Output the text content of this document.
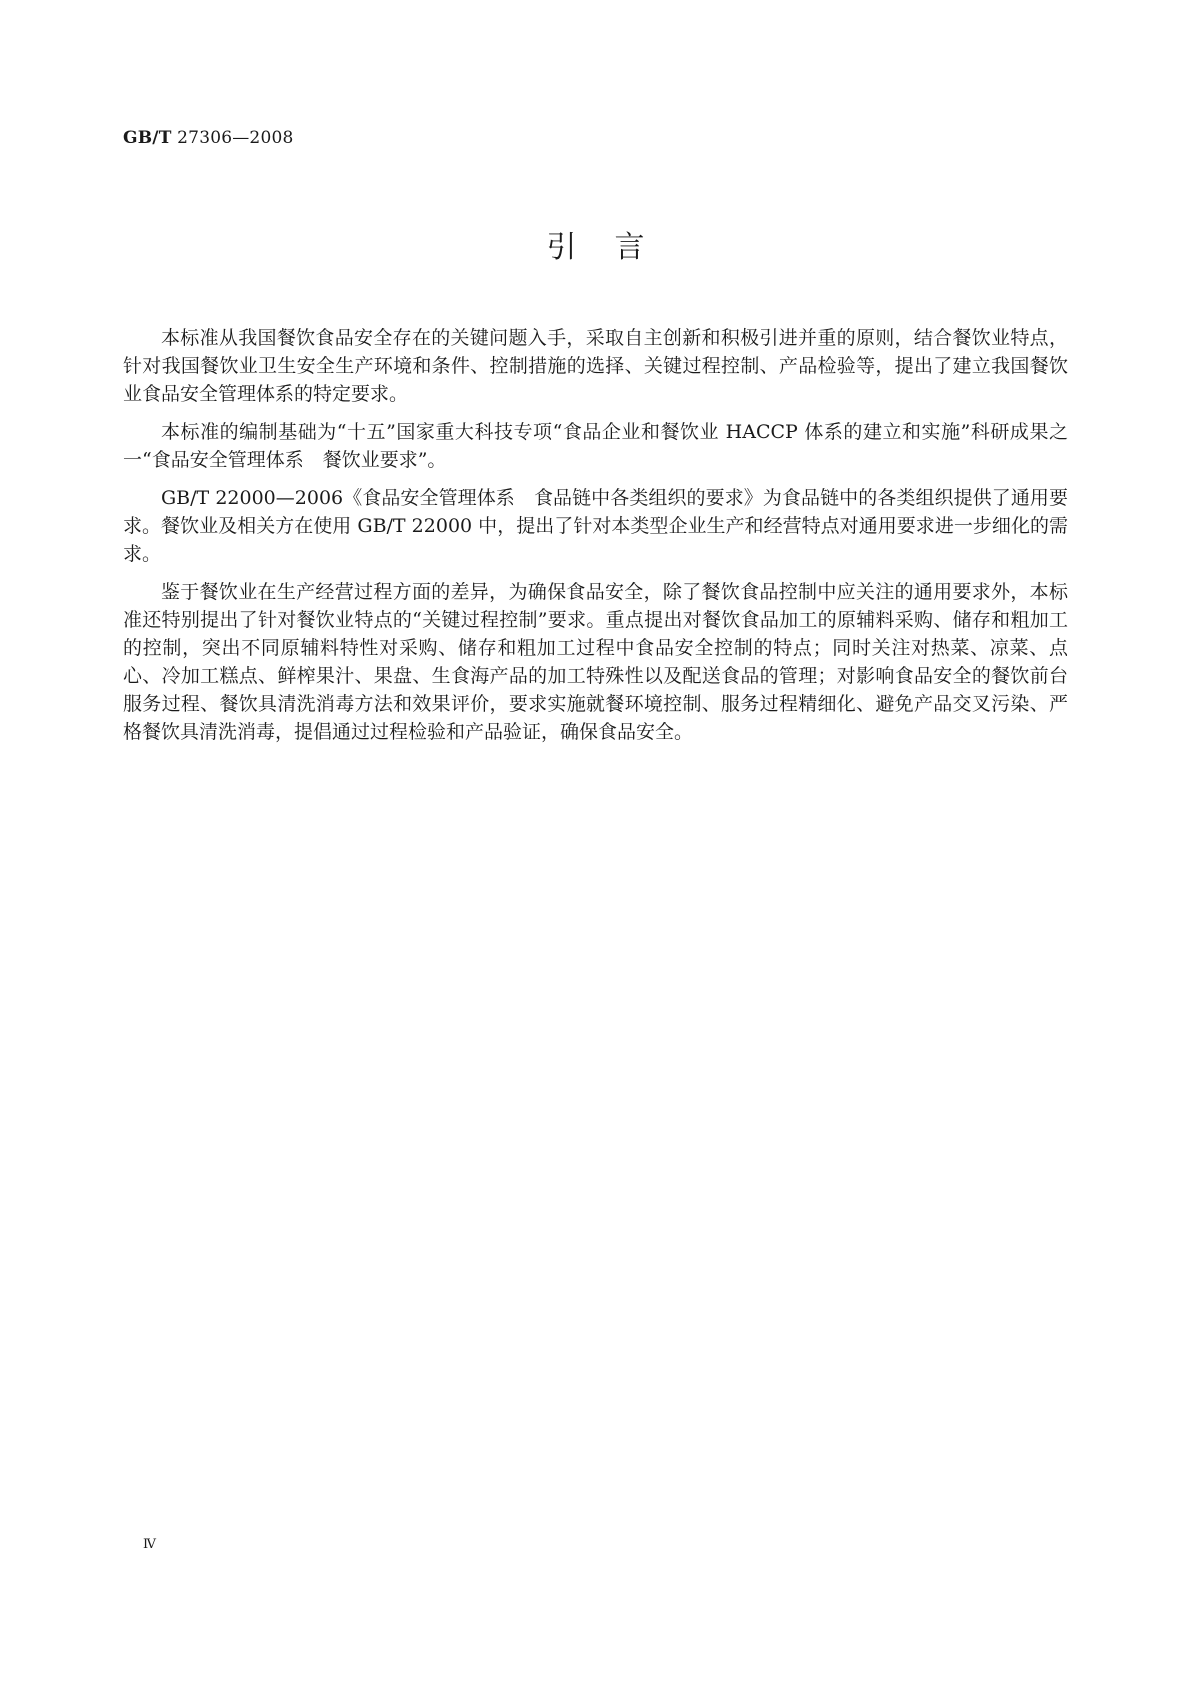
GB/T 27306—2008
引言

本标准从我国餐饮食品安全存在的关键问题入手，采取自主创新和积极引进并重的原则，结合餐饮业特点，针对我国餐饮业卫生安全生产环境和条件、控制措施的选择、关键过程控制、产品检验等，提出了建立我国餐饮业食品安全管理体系的特定要求。

本标准的编制基础为“十五”国家重大科技专项“食品企业和餐饮业 HACCP 体系的建立和实施”科研成果之一“食品安全管理体系　餐饮业要求”。

GB/T 22000—2006《食品安全管理体系　食品链中各类组织的要求》为食品链中的各类组织提供了通用要求。餐饮业及相关方在使用 GB/T 22000 中，提出了针对本类型企业生产和经营特点对通用要求进一步细化的需求。

鉴于餐饮业在生产经营过程方面的差异，为确保食品安全，除了餐饮食品控制中应关注的通用要求外，本标准还特别提出了针对餐饮业特点的“关键过程控制”要求。重点提出对餐饮食品加工的原辅料采购、储存和粗加工的控制，突出不同原辅料特性对采购、储存和粗加工过程中食品安全控制的特点；同时关注对热菜、凉菜、点心、冷加工糕点、鲜榨果汁、果盘、生食海产品的加工特殊性以及配送食品的管理；对影响食品安全的餐饮前台服务过程、餐饮具清洗消毒方法和效果评价，要求实施就餐环境控制、服务过程精细化、避免产品交叉污染、严格餐饮具清洗消毒，提倡通过过程检验和产品验证，确保食品安全。

Ⅳ
